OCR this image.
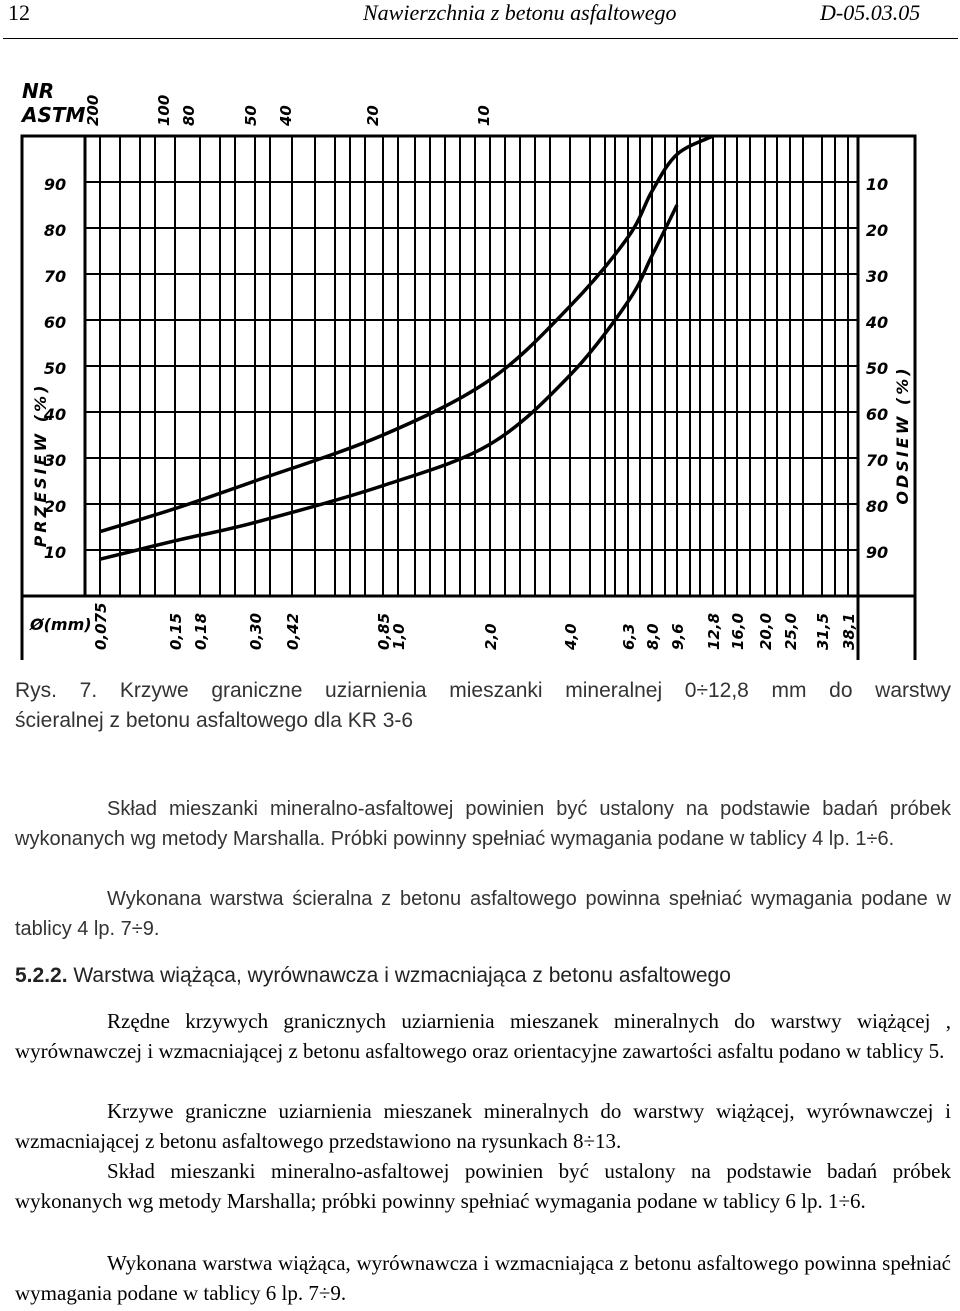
12	Nawierzchnia z betonu asfaltowego	D-05.03.05
90
80
70
60
50
40
30
20
10
10
20
30
40
50
60
70
80
90
PRZESIEW (%)	ODSIEW (%)
NR
ASTM
200	100 80	50 40	20	10
Ø(mm) 0,075	0,15 0,18 0,30 0,42	0,85
1,0	2,0	4,0	6,3 8,0 9,6 12,8 16,0 20,0 25,0 31,5 38,1
Rys. 7. Krzywe graniczne uziarnienia mieszanki mineralnej 0÷12,8 mm do warstwy
ścieralnej z betonu asfaltowego dla KR 3-6

Skład mieszanki mineralno-asfaltowej powinien być ustalony na podstawie badań próbek wykonanych wg metody Marshalla. Próbki powinny spełniać wymagania podane w tablicy 4 lp. 1÷6.

Wykonana warstwa ścieralna z betonu asfaltowego powinna spełniać wymagania podane w tablicy 4 lp. 7÷9.

5.2.2. Warstwa wiążąca, wyrównawcza i wzmacniająca z betonu asfaltowego

Rzędne krzywych granicznych uziarnienia mieszanek mineralnych do warstwy wiążącej , wyrównawczej i wzmacniającej z betonu asfaltowego oraz orientacyjne zawartości asfaltu podano w tablicy 5.

Krzywe graniczne uziarnienia mieszanek mineralnych do warstwy wiążącej, wyrównawczej i wzmacniającej z betonu asfaltowego przedstawiono na rysunkach 8÷13.

Skład mieszanki mineralno-asfaltowej powinien być ustalony na podstawie badań próbek wykonanych wg metody Marshalla; próbki powinny spełniać wymagania podane w tablicy 6 lp. 1÷6.

Wykonana warstwa wiążąca, wyrównawcza i wzmacniająca z betonu asfaltowego powinna spełniać wymagania podane w tablicy 6 lp. 7÷9.
